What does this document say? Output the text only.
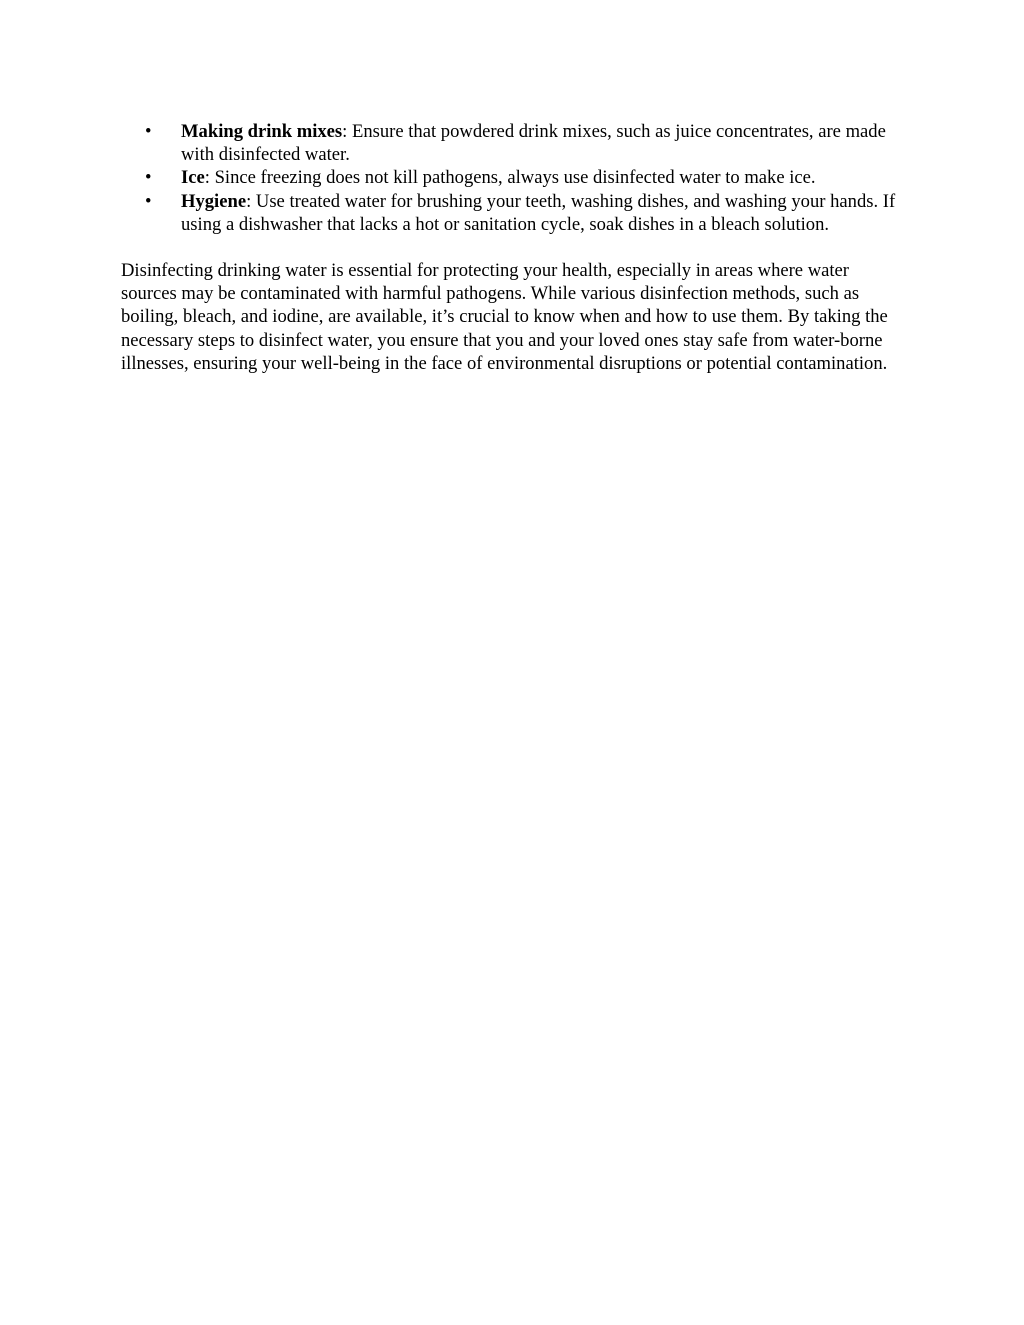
•	Making drink mixes: Ensure that powdered drink mixes, such as juice concentrates, are made with disinfected water.
•	Ice: Since freezing does not kill pathogens, always use disinfected water to make ice.
•	Hygiene: Use treated water for brushing your teeth, washing dishes, and washing your hands. If using a dishwasher that lacks a hot or sanitation cycle, soak dishes in a bleach solution.

Disinfecting drinking water is essential for protecting your health, especially in areas where water sources may be contaminated with harmful pathogens. While various disinfection methods, such as boiling, bleach, and iodine, are available, it’s crucial to know when and how to use them. By taking the necessary steps to disinfect water, you ensure that you and your loved ones stay safe from water-borne illnesses, ensuring your well-being in the face of environmental disruptions or potential contamination.
